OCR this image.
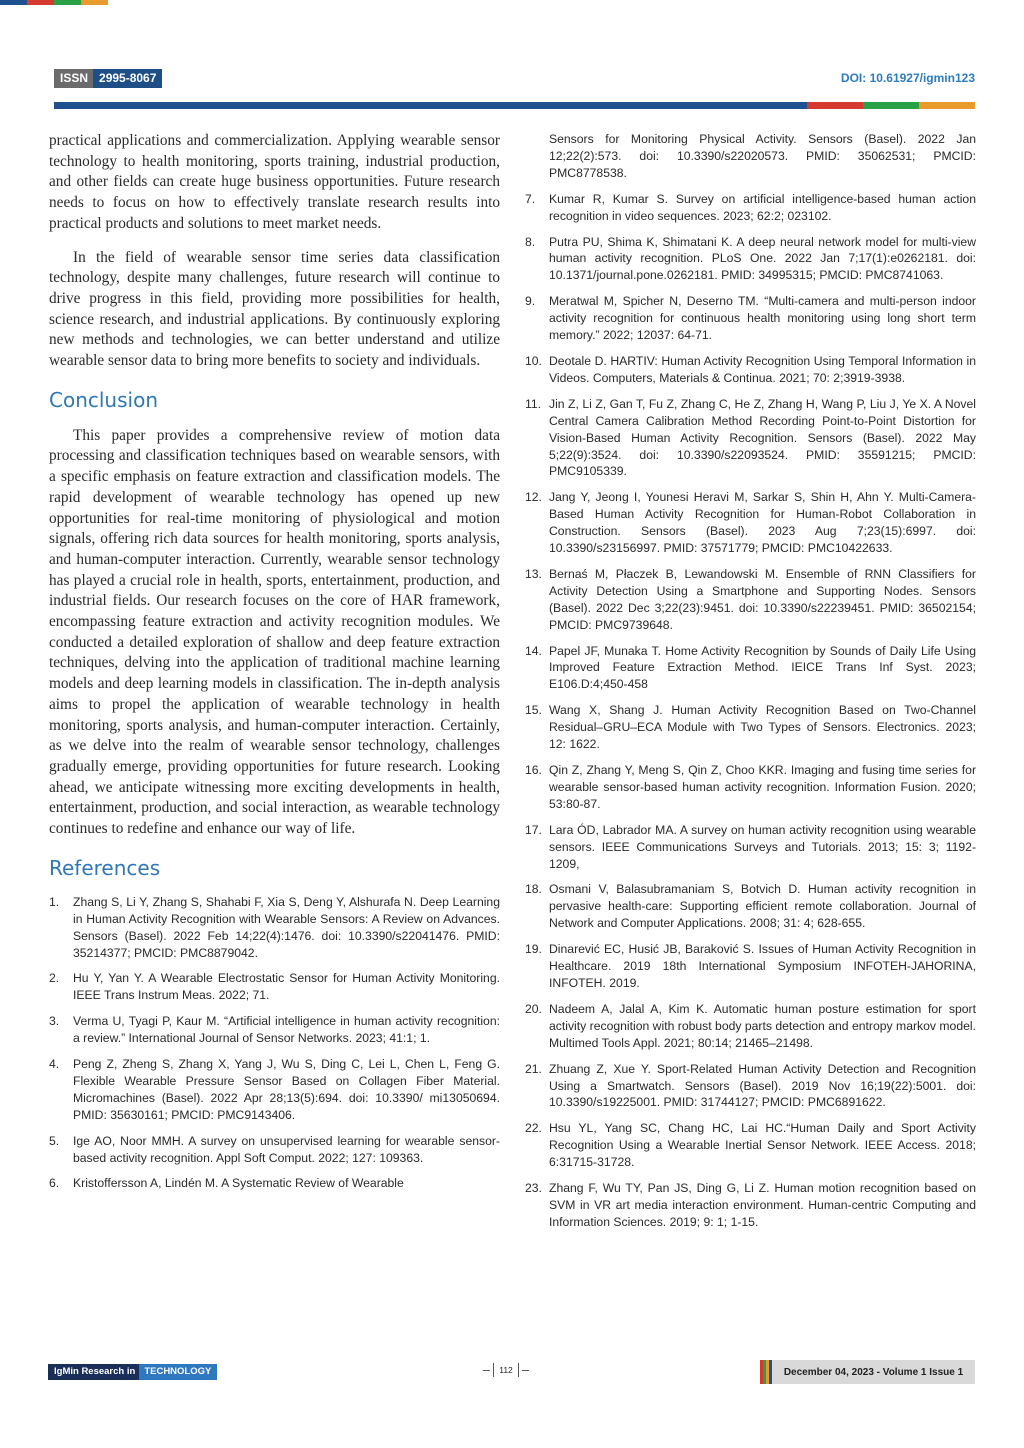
ISSN 2995-8067	DOI: 10.61927/igmin123

practical applications and commercialization. Applying wearable sensor technology to health monitoring, sports training, industrial production, and other fields can create huge business opportunities. Future research needs to focus on how to effectively translate research results into practical products and solutions to meet market needs.

In the field of wearable sensor time series data classification technology, despite many challenges, future research will continue to drive progress in this field, providing more possibilities for health, science research, and industrial applications. By continuously exploring new methods and technologies, we can better understand and utilize wearable sensor data to bring more benefits to society and individuals.

Conclusion

This paper provides a comprehensive review of motion data processing and classification techniques based on wearable sensors, with a specific emphasis on feature extraction and classification models. The rapid development of wearable technology has opened up new opportunities for real-time monitoring of physiological and motion signals, offering rich data sources for health monitoring, sports analysis, and human-computer interaction. Currently, wearable sensor technology has played a crucial role in health, sports, entertainment, production, and industrial fields. Our research focuses on the core of HAR framework, encompassing feature extraction and activity recognition modules. We conducted a detailed exploration of shallow and deep feature extraction techniques, delving into the application of traditional machine learning models and deep learning models in classification. The in-depth analysis aims to propel the application of wearable technology in health monitoring, sports analysis, and human-computer interaction. Certainly, as we delve into the realm of wearable sensor technology, challenges gradually emerge, providing opportunities for future research. Looking ahead, we anticipate witnessing more exciting developments in health, entertainment, production, and social interaction, as wearable technology continues to redefine and enhance our way of life.

References
1.	Zhang S, Li Y, Zhang S, Shahabi F, Xia S, Deng Y, Alshurafa N. Deep Learning in Human Activity Recognition with Wearable Sensors: A Review on Advances. Sensors (Basel). 2022 Feb 14;22(4):1476. doi: 10.3390/s22041476. PMID: 35214377; PMCID: PMC8879042.
2.	Hu Y, Yan Y. A Wearable Electrostatic Sensor for Human Activity Monitoring. IEEE Trans Instrum Meas. 2022; 71.
3.	Verma U, Tyagi P, Kaur M. “Artificial intelligence in human activity recognition: a review.” International Journal of Sensor Networks. 2023; 41:1; 1.
4.	Peng Z, Zheng S, Zhang X, Yang J, Wu S, Ding C, Lei L, Chen L, Feng G. Flexible Wearable Pressure Sensor Based on Collagen Fiber Material. Micromachines (Basel). 2022 Apr 28;13(5):694. doi: 10.3390/ mi13050694. PMID: 35630161; PMCID: PMC9143406.
5.	Ige AO, Noor MMH. A survey on unsupervised learning for wearable sensor-based activity recognition. Appl Soft Comput. 2022; 127: 109363.
6.	Kristoffersson A, Lindén M. A Systematic Review of Wearable
Sensors for Monitoring Physical Activity. Sensors (Basel). 2022 Jan 12;22(2):573. doi: 10.3390/s22020573. PMID: 35062531; PMCID: PMC8778538.
7.	Kumar R, Kumar S. Survey on artificial intelligence-based human action recognition in video sequences. 2023; 62:2; 023102.
8.	Putra PU, Shima K, Shimatani K. A deep neural network model for multi-view human activity recognition. PLoS One. 2022 Jan 7;17(1):e0262181. doi: 10.1371/journal.pone.0262181. PMID: 34995315; PMCID: PMC8741063.
9.	Meratwal M, Spicher N, Deserno TM. “Multi-camera and multi-person indoor activity recognition for continuous health monitoring using long short term memory.” 2022; 12037: 64-71.
10. Deotale D. HARTIV: Human Activity Recognition Using Temporal Information in Videos. Computers, Materials & Continua. 2021; 70: 2;3919-3938.
11. Jin Z, Li Z, Gan T, Fu Z, Zhang C, He Z, Zhang H, Wang P, Liu J, Ye X. A Novel Central Camera Calibration Method Recording Point-to-Point Distortion for Vision-Based Human Activity Recognition. Sensors (Basel). 2022 May 5;22(9):3524. doi: 10.3390/s22093524. PMID: 35591215; PMCID: PMC9105339.
12. Jang Y, Jeong I, Younesi Heravi M, Sarkar S, Shin H, Ahn Y. Multi-Camera-Based Human Activity Recognition for Human-Robot Collaboration in Construction. Sensors (Basel). 2023 Aug 7;23(15):6997. doi: 10.3390/s23156997. PMID: 37571779; PMCID: PMC10422633.
13. Bernaś M, Płaczek B, Lewandowski M. Ensemble of RNN Classifiers for Activity Detection Using a Smartphone and Supporting Nodes. Sensors (Basel). 2022 Dec 3;22(23):9451. doi: 10.3390/s22239451. PMID: 36502154; PMCID: PMC9739648.
14. Papel JF, Munaka T. Home Activity Recognition by Sounds of Daily Life Using Improved Feature Extraction Method. IEICE Trans Inf Syst. 2023; E106.D:4;450-458
15. Wang X, Shang J. Human Activity Recognition Based on Two-Channel Residual–GRU–ECA Module with Two Types of Sensors. Electronics. 2023; 12: 1622.
16. Qin Z, Zhang Y, Meng S, Qin Z, Choo KKR. Imaging and fusing time series for wearable sensor-based human activity recognition. Information Fusion. 2020; 53:80-87.
17. Lara ÓD, Labrador MA. A survey on human activity recognition using wearable sensors. IEEE Communications Surveys and Tutorials. 2013; 15: 3; 1192-1209,
18. Osmani V, Balasubramaniam S, Botvich D. Human activity recognition in pervasive health-care: Supporting efficient remote collaboration. Journal of Network and Computer Applications. 2008; 31: 4; 628-655.
19. Dinarević EC, Husić JB, Baraković S. Issues of Human Activity Recognition in Healthcare. 2019 18th International Symposium INFOTEH-JAHORINA, INFOTEH. 2019.
20. Nadeem A, Jalal A, Kim K. Automatic human posture estimation for sport activity recognition with robust body parts detection and entropy markov model. Multimed Tools Appl. 2021; 80:14; 21465–21498.
21. Zhuang Z, Xue Y. Sport-Related Human Activity Detection and Recognition Using a Smartwatch. Sensors (Basel). 2019 Nov 16;19(22):5001. doi: 10.3390/s19225001. PMID: 31744127; PMCID: PMC6891622.
22. Hsu YL, Yang SC, Chang HC, Lai HC.“Human Daily and Sport Activity Recognition Using a Wearable Inertial Sensor Network. IEEE Access. 2018; 6:31715-31728.
23. Zhang F, Wu TY, Pan JS, Ding G, Li Z. Human motion recognition based on SVM in VR art media interaction environment. Human-centric Computing and Information Sciences. 2019; 9: 1; 1-15.
IgMin Research in TECHNOLOGY	112	December 04, 2023 - Volume 1 Issue 1
